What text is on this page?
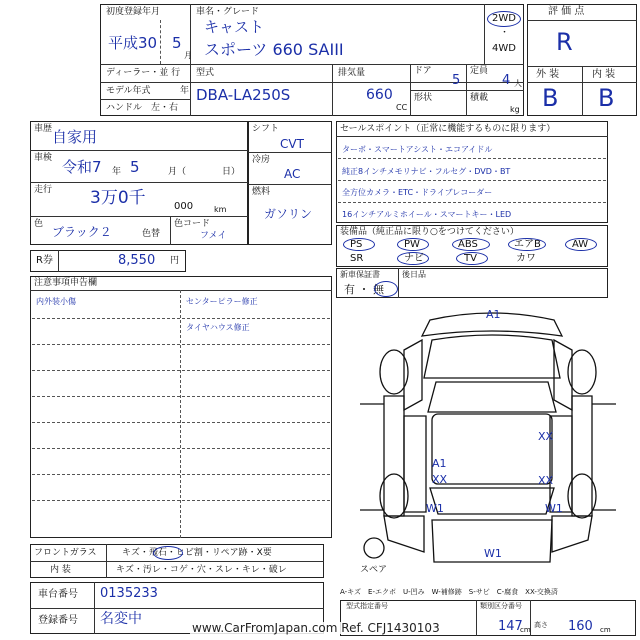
初度登録年月
平成30 5
月
車名・グレード
キャスト
スポーツ 660 SAIII
2WD
・
4WD
ディーラー・並 行
モデル年式	年
ハンドル　左・右
型式
DBA-LA250S
排気量
660
CC
ドア
5
定員
4 人
形状	積載
kg
評 価 点
R
外 装	内 装
B B
車歴 自家用
車検 令和7 年 5	月（	日）
走行 3万0千	000	km
色
ブラック２	色替
色コード
フメイ
シフト
CVT
冷房
AC
燃料
ガソリン
R券	8,550 円
セールスポイント（正常に機能するものに限ります）
ターボ・スマートアシスト・エコアイドル
純正8インチメモリナビ・フルセグ・DVD・BT
全方位カメラ・ETC・ドライブレコーダー
16インチアルミホイール・スマートキー・LED
装備品（純正品に限り○をつけてください）
PS	PW	ABS	エアB	AW
SR	ナビ	TV	カワ
新車保証書	後日品
有 ・ 無
注意事項申告欄
内外装小傷	センターピラー修正
タイヤハウス修正
A1
XX
A1
XX	XX
W1	W1
W1
スペア
フロントガラス	キズ・飛石・ヒビ割・リペア跡・X要
内 装	キズ・汚レ・コゲ・穴・スレ・キレ・破レ
車台番号 0135233
登録番号 名変中
A-キズ　E-エクボ　U-凹み　W-補修跡　S-サビ　C-腐食　XX-交換済
型式指定番号	類別区分番号
147
cm
高さ 160 cm
www.CarFromJapan.com Ref. CFJ1430103
